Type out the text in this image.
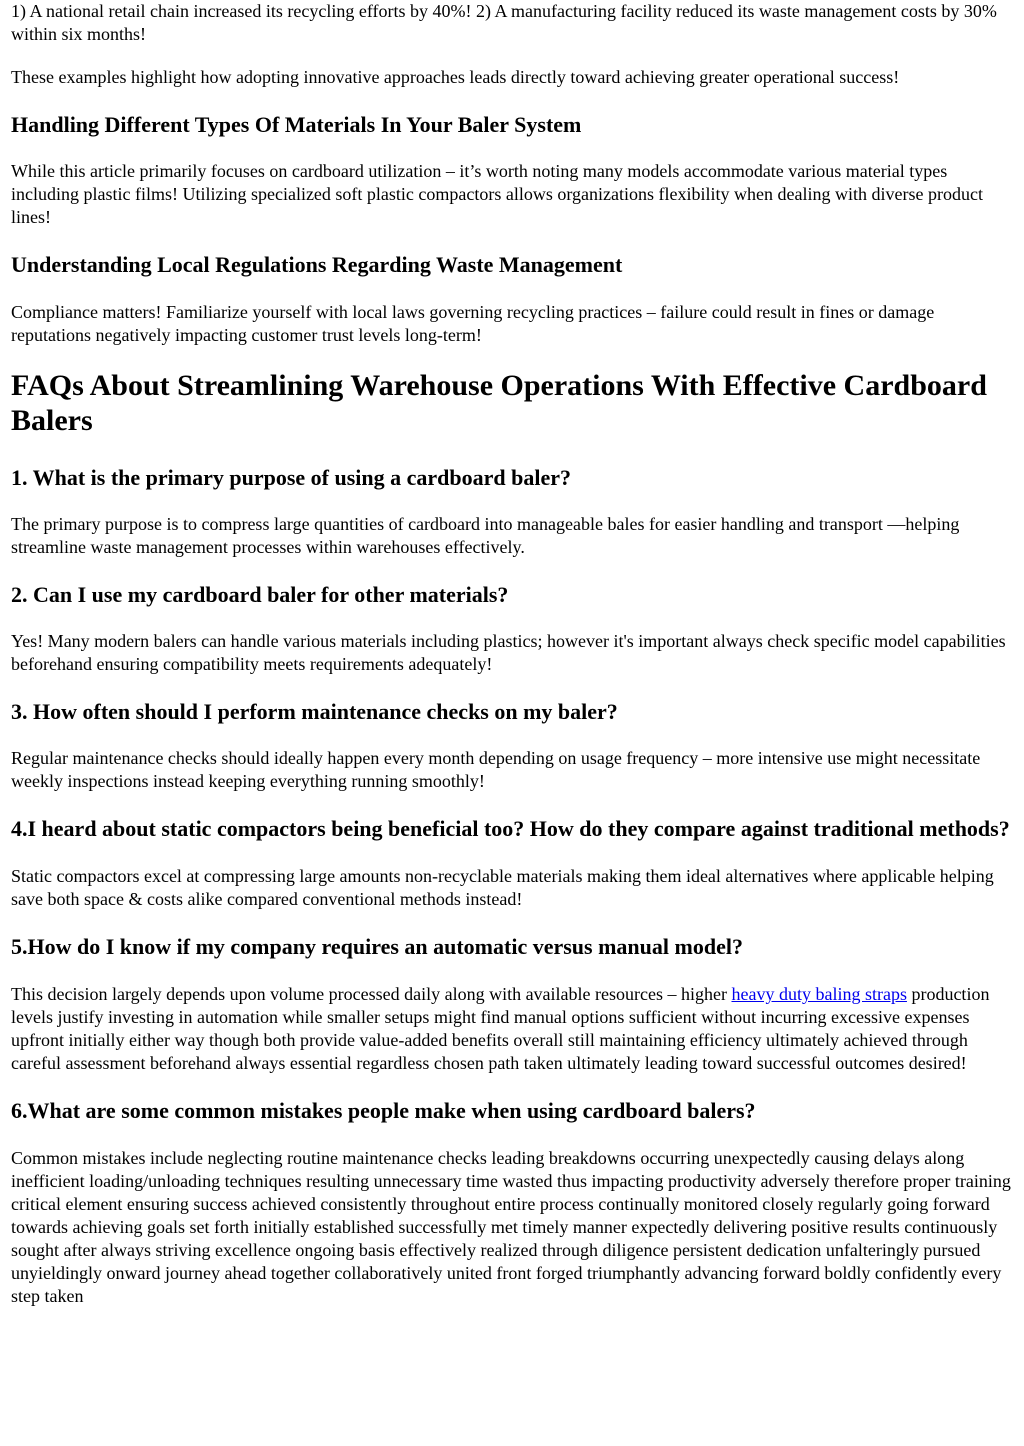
1) A national retail chain increased its recycling efforts by 40%! 2) A manufacturing facility reduced its waste management costs by 30% within six months!

These examples highlight how adopting innovative approaches leads directly toward achieving greater operational success!

Handling Different Types Of Materials In Your Baler System

While this article primarily focuses on cardboard utilization – it’s worth noting many models accommodate various material types including plastic films! Utilizing specialized soft plastic compactors allows organizations flexibility when dealing with diverse product lines!

Understanding Local Regulations Regarding Waste Management

Compliance matters! Familiarize yourself with local laws governing recycling practices – failure could result in fines or damage reputations negatively impacting customer trust levels long-term!

FAQs About Streamlining Warehouse Operations With Effective Cardboard Balers
1. What is the primary purpose of using a cardboard baler?

The primary purpose is to compress large quantities of cardboard into manageable bales for easier handling and transport —helping streamline waste management processes within warehouses effectively.

2. Can I use my cardboard baler for other materials?

Yes! Many modern balers can handle various materials including plastics; however it's important always check specific model capabilities beforehand ensuring compatibility meets requirements adequately!

3. How often should I perform maintenance checks on my baler?

Regular maintenance checks should ideally happen every month depending on usage frequency – more intensive use might necessitate weekly inspections instead keeping everything running smoothly!

4.I heard about static compactors being beneficial too? How do they compare against traditional methods?

Static compactors excel at compressing large amounts non-recyclable materials making them ideal alternatives where applicable helping save both space & costs alike compared conventional methods instead!

5.How do I know if my company requires an automatic versus manual model?

This decision largely depends upon volume processed daily along with available resources – higher heavy duty baling straps production levels justify investing in automation while smaller setups might find manual options sufficient without incurring excessive expenses upfront initially either way though both provide value-added benefits overall still maintaining efficiency ultimately achieved through careful assessment beforehand always essential regardless chosen path taken ultimately leading toward successful outcomes desired!

6.What are some common mistakes people make when using cardboard balers?

Common mistakes include neglecting routine maintenance checks leading breakdowns occurring unexpectedly causing delays along inefficient loading/unloading techniques resulting unnecessary time wasted thus impacting productivity adversely therefore proper training critical element ensuring success achieved consistently throughout entire process continually monitored closely regularly going forward towards achieving goals set forth initially established successfully met timely manner expectedly delivering positive results continuously sought after always striving excellence ongoing basis effectively realized through diligence persistent dedication unfalteringly pursued unyieldingly onward journey ahead together collaboratively united front forged triumphantly advancing forward boldly confidently every step taken
